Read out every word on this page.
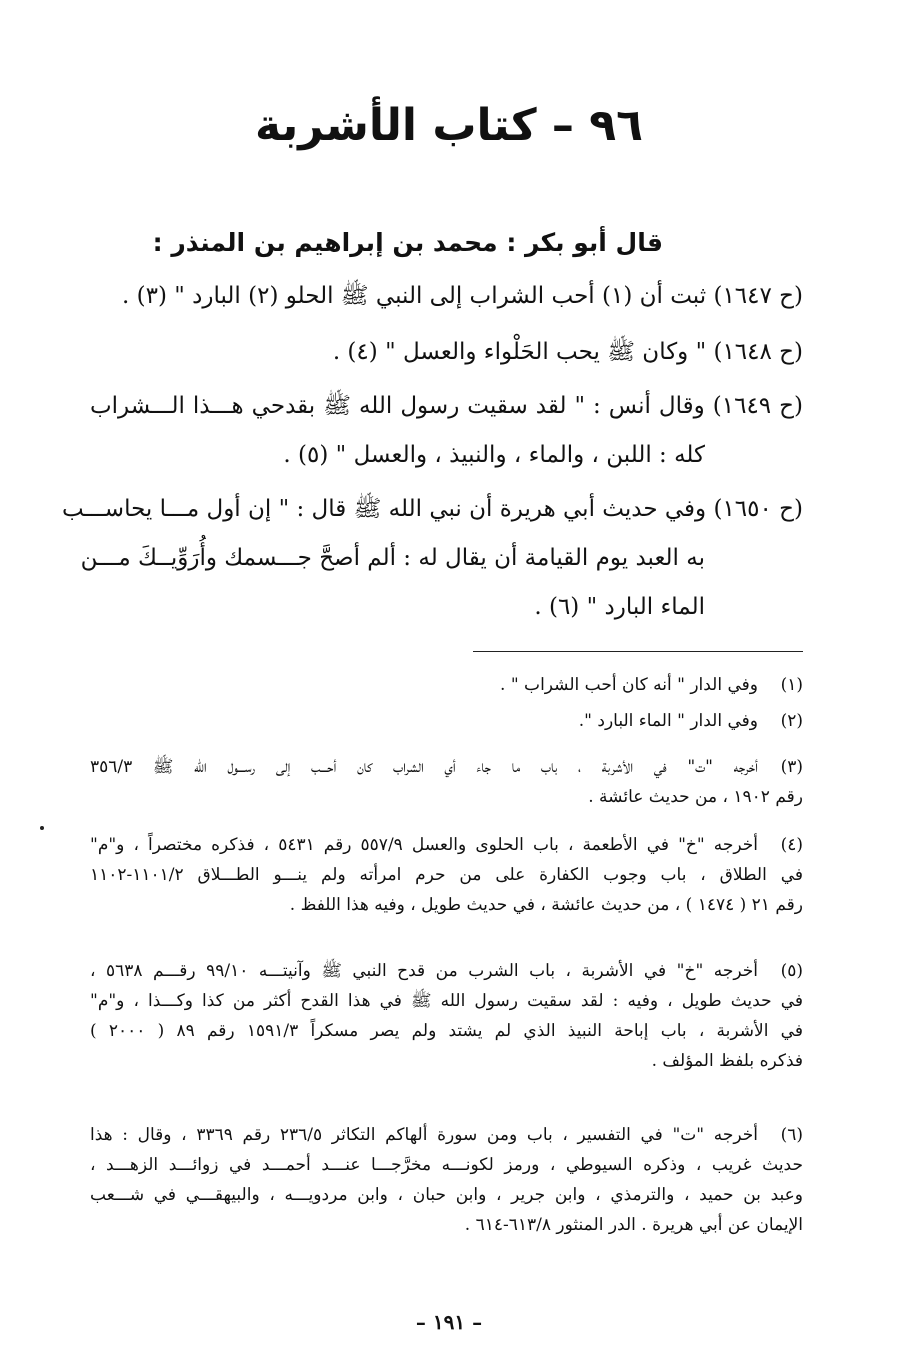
٩٦ – كتاب الأشربة
قال أبو بكر : محمد بن إبراهيم بن المنذر :
(ح ١٦٤٧) ثبت أن (١) أحب الشراب إلى النبي ﷺ الحلو (٢) البارد " (٣) .
(ح ١٦٤٨) " وكان ﷺ يحب الحَلْواء والعسل " (٤) .
(ح ١٦٤٩) وقال أنس : " لقد سقيت رسول الله ﷺ بقدحي هـــذا الـــشراب
كله : اللبن ، والماء ، والنبيذ ، والعسل " (٥) .
(ح ١٦٥٠) وفي حديث أبي هريرة أن نبي الله ﷺ قال : " إن أول مـــا يحاســـب
به العبد يوم القيامة أن يقال له : ألم أصحَّ جـــسمك وأُرَوِّيــكَ مـــن
الماء البارد " (٦) .
(١)
وفي الدار " أنه كان أحب الشراب " .
(٢)
وفي الدار " الماء البارد ".
(٣)
أخرجه "ت" في الأشربة ، باب ما جاء أي الشراب كان أحـــب إلى رســـول الله ﷺ ٣٥٦/٣
رقم ١٩٠٢ ، من حديث عائشة .
(٤)
أخرجه "خ" في الأطعمة ، باب الحلوى والعسل ٥٥٧/٩ رقم ٥٤٣١ ، فذكره مختصراً ، و"م"
في الطلاق ، باب وجوب الكفارة على من حرم امرأته ولم ينـــو الطـــلاق ١١٠١/٢-١١٠٢
رقم ٢١ ( ١٤٧٤ ) ، من حديث عائشة ، في حديث طويل ، وفيه هذا اللفظ .
(٥)
أخرجه "خ" في الأشربة ، باب الشرب من قدح النبي ﷺ وآنيتـــه ٩٩/١٠ رقـــم ٥٦٣٨ ،
في حديث طويل ، وفيه : لقد سقيت رسول الله ﷺ في هذا القدح أكثر من كذا وكـــذا ، و"م"
في الأشربة ، باب إباحة النبيذ الذي لم يشتد ولم يصر مسكراً ١٥٩١/٣ رقم ٨٩ ( ٢٠٠٠ )
فذكره بلفظ المؤلف .
(٦)
أخرجه "ت" في التفسير ، باب ومن سورة ألهاكم التكاثر ٢٣٦/٥ رقم ٣٣٦٩ ، وقال : هذا
حديث غريب ، وذكره السيوطي ، ورمز لكونـــه مخرَّجـــا عنـــد أحمـــد في زوائـــد الزهـــد ،
وعبد بن حميد ، والترمذي ، وابن جرير ، وابن حبان ، وابن مردويـــه ، والبيهقـــي في شـــعب
الإيمان عن أبي هريرة . الدر المنثور ٦١٣/٨-٦١٤ .
– ١٩١ –
